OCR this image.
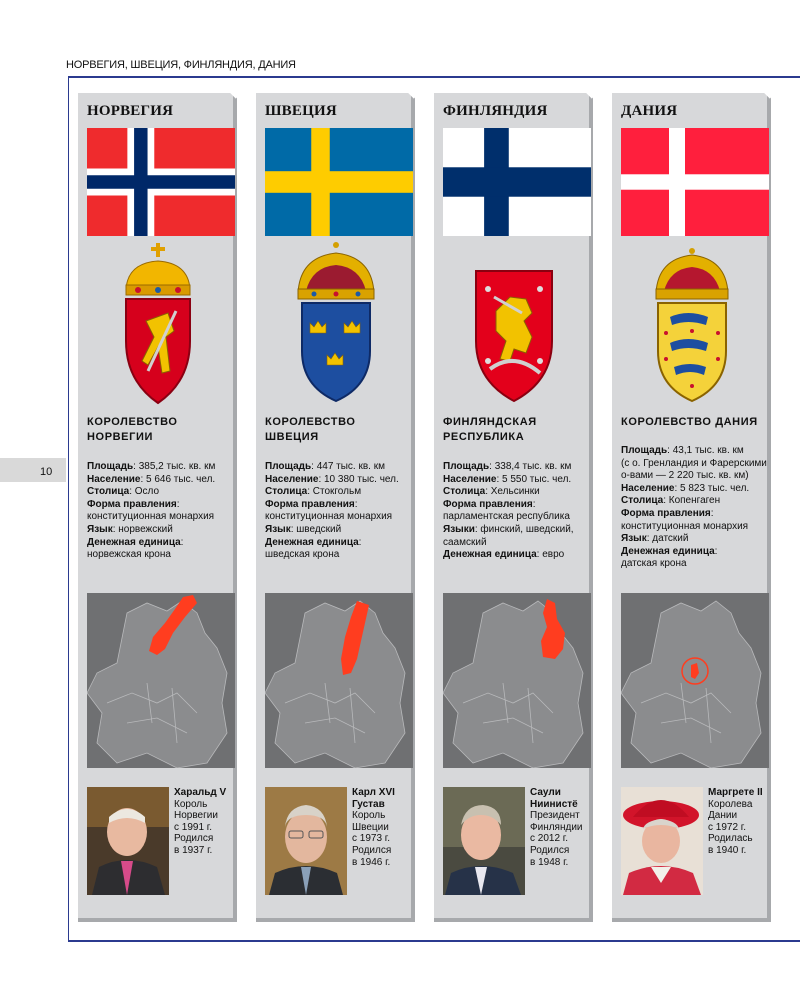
НОРВЕГИЯ, ШВЕЦИЯ, ФИНЛЯНДИЯ, ДАНИЯ
10
НОРВЕГИЯ
КОРОЛЕВСТВО
НОРВЕГИИ
Площадь: 385,2 тыс. кв. км
Население: 5 646 тыс. чел.
Столица: Осло
Форма правления:
конституционная монархия
Язык: норвежский
Денежная единица:
норвежская крона
Харальд V
Король
Норвегии
с 1991 г.
Родился
в 1937 г.
ШВЕЦИЯ
КОРОЛЕВСТВО
ШВЕЦИЯ
Площадь: 447 тыс. кв. км
Население: 10 380 тыс. чел.
Столица: Стокгольм
Форма правления:
конституционная монархия
Язык: шведский
Денежная единица:
шведская крона
Карл XVI
Густав
Король
Швеции
с 1973 г.
Родился
в 1946 г.
ФИНЛЯНДИЯ
ФИНЛЯНДСКАЯ
РЕСПУБЛИКА
Площадь: 338,4 тыс. кв. км
Население: 5 550 тыс. чел.
Столица: Хельсинки
Форма правления:
парламентская республика
Языки: финский, шведский, саамский
Денежная единица: евро
Саули
Ниинистё
Президент
Финляндии
с 2012 г.
Родился
в 1948 г.
ДАНИЯ
КОРОЛЕВСТВО ДАНИЯ
Площадь: 43,1 тыс. кв. км
(с о. Гренландия и Фарерскими о-вами — 2 220 тыс. кв. км)
Население: 5 823 тыс. чел.
Столица: Копенгаген
Форма правления:
конституционная монархия
Язык: датский
Денежная единица:
датская крона
Маргрете II
Королева
Дании
с 1972 г.
Родилась
в 1940 г.
